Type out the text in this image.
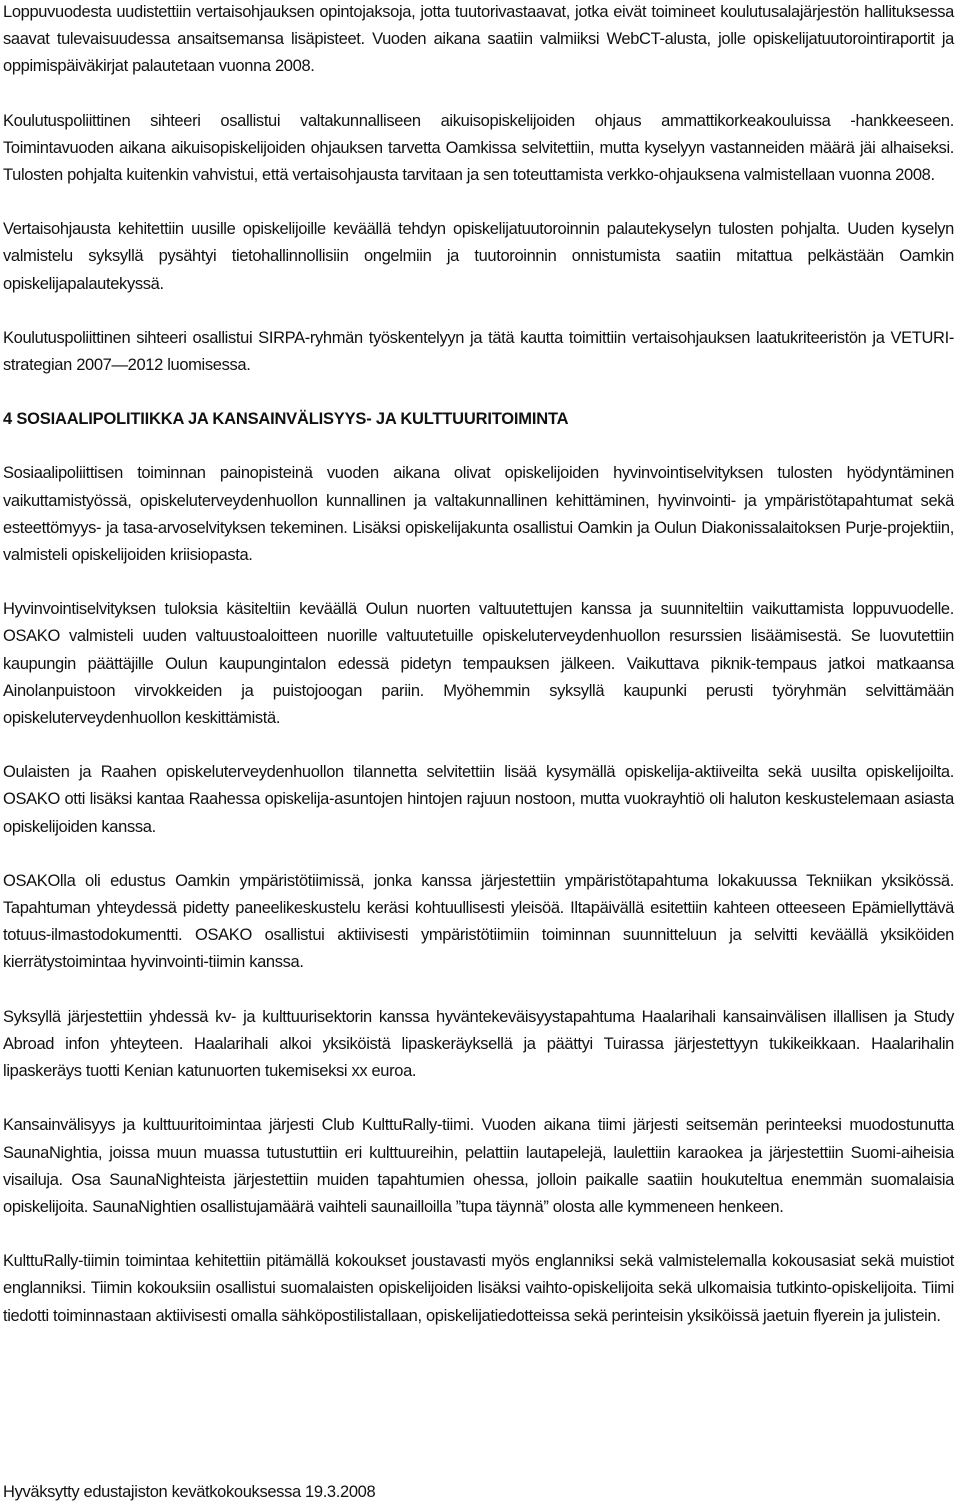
Loppuvuodesta uudistettiin vertaisohjauksen opintojaksoja, jotta tuutorivastaavat, jotka eivät toimineet koulutusalajärjestön hallituksessa saavat tulevaisuudessa ansaitsemansa lisäpisteet. Vuoden aikana saatiin valmiiksi WebCT-alusta, jolle opiskelijatuutorointiraportit ja oppimispäiväkirjat palautetaan vuonna 2008.

Koulutuspoliittinen sihteeri osallistui valtakunnalliseen aikuisopiskelijoiden ohjaus ammattikorkeakouluissa -hankkeeseen. Toimintavuoden aikana aikuisopiskelijoiden ohjauksen tarvetta Oamkissa selvitettiin, mutta kyselyyn vastanneiden määrä jäi alhaiseksi. Tulosten pohjalta kuitenkin vahvistui, että vertaisohjausta tarvitaan ja sen toteuttamista verkko-ohjauksena valmistellaan vuonna 2008.

Vertaisohjausta kehitettiin uusille opiskelijoille keväällä tehdyn opiskelijatuutoroinnin palautekyselyn tulosten pohjalta. Uuden kyselyn valmistelu syksyllä pysähtyi tietohallinnollisiin ongelmiin ja tuutoroinnin onnistumista saatiin mitattua pelkästään Oamkin opiskelijapalautekyssä.

Koulutuspoliittinen sihteeri osallistui SIRPA-ryhmän työskentelyyn ja tätä kautta toimittiin vertaisohjauksen laatukriteeristön ja VETURI-strategian 2007—2012 luomisessa.

4 SOSIAALIPOLITIIKKA JA KANSAINVÄLISYYS- JA KULTTUURITOIMINTA

Sosiaalipoliittisen toiminnan painopisteinä vuoden aikana olivat opiskelijoiden hyvinvointiselvityksen tulosten hyödyntäminen vaikuttamistyössä, opiskeluterveydenhuollon kunnallinen ja valtakunnallinen kehittäminen, hyvinvointi- ja ympäristötapahtumat sekä esteettömyys- ja tasa-arvoselvityksen tekeminen. Lisäksi opiskelijakunta osallistui Oamkin ja Oulun Diakonissalaitoksen Purje-projektiin, valmisteli opiskelijoiden kriisiopasta.

Hyvinvointiselvityksen tuloksia käsiteltiin keväällä Oulun nuorten valtuutettujen kanssa ja suunniteltiin vaikuttamista loppuvuodelle. OSAKO valmisteli uuden valtuustoaloitteen nuorille valtuutetuille opiskeluterveydenhuollon resurssien lisäämisestä. Se luovutettiin kaupungin päättäjille Oulun kaupungintalon edessä pidetyn tempauksen jälkeen. Vaikuttava piknik-tempaus jatkoi matkaansa Ainolanpuistoon virvokkeiden ja puistojoogan pariin. Myöhemmin syksyllä kaupunki perusti työryhmän selvittämään opiskeluterveydenhuollon keskittämistä.

Oulaisten ja Raahen opiskeluterveydenhuollon tilannetta selvitettiin lisää kysymällä opiskelija-aktiiveilta sekä uusilta opiskelijoilta. OSAKO otti lisäksi kantaa Raahessa opiskelija-asuntojen hintojen rajuun nostoon, mutta vuokrayhtiö oli haluton keskustelemaan asiasta opiskelijoiden kanssa.

OSAKOlla oli edustus Oamkin ympäristötiimissä, jonka kanssa järjestettiin ympäristötapahtuma lokakuussa Tekniikan yksikössä. Tapahtuman yhteydessä pidetty paneelikeskustelu keräsi kohtuullisesti yleisöä. Iltapäivällä esitettiin kahteen otteeseen Epämiellyttävä totuus-ilmastodokumentti. OSAKO osallistui aktiivisesti ympäristötiimiin toiminnan suunnitteluun ja selvitti keväällä yksiköiden kierrätystoimintaa hyvinvointi-tiimin kanssa.

Syksyllä järjestettiin yhdessä kv- ja kulttuurisektorin kanssa hyväntekeväisyystapahtuma Haalarihali kansainvälisen illallisen ja Study Abroad infon yhteyteen. Haalarihali alkoi yksiköistä lipaskeräyksellä ja päättyi Tuirassa järjestettyyn tukikeikkaan. Haalarihalin lipaskeräys tuotti Kenian katunuorten tukemiseksi xx euroa.

Kansainvälisyys ja kulttuuritoimintaa järjesti Club KulttuRally-tiimi. Vuoden aikana tiimi järjesti seitsemän perinteeksi muodostunutta SaunaNightia, joissa muun muassa tutustuttiin eri kulttuureihin, pelattiin lautapelejä, laulettiin karaokea ja järjestettiin Suomi-aiheisia visailuja. Osa SaunaNighteista järjestettiin muiden tapahtumien ohessa, jolloin paikalle saatiin houkuteltua enemmän suomalaisia opiskelijoita. SaunaNightien osallistujamäärä vaihteli saunailloilla ”tupa täynnä” olosta alle kymmeneen henkeen.

KulttuRally-tiimin toimintaa kehitettiin pitämällä kokoukset joustavasti myös englanniksi sekä valmistelemalla kokousasiat sekä muistiot englanniksi. Tiimin kokouksiin osallistui suomalaisten opiskelijoiden lisäksi vaihto-opiskelijoita sekä ulkomaisia tutkinto-opiskelijoita. Tiimi tiedotti toiminnastaan aktiivisesti omalla sähköpostilistallaan, opiskelijatiedotteissa sekä perinteisin yksiköissä jaetuin flyerein ja julistein.

Hyväksytty edustajiston kevätkokouksessa 19.3.2008
